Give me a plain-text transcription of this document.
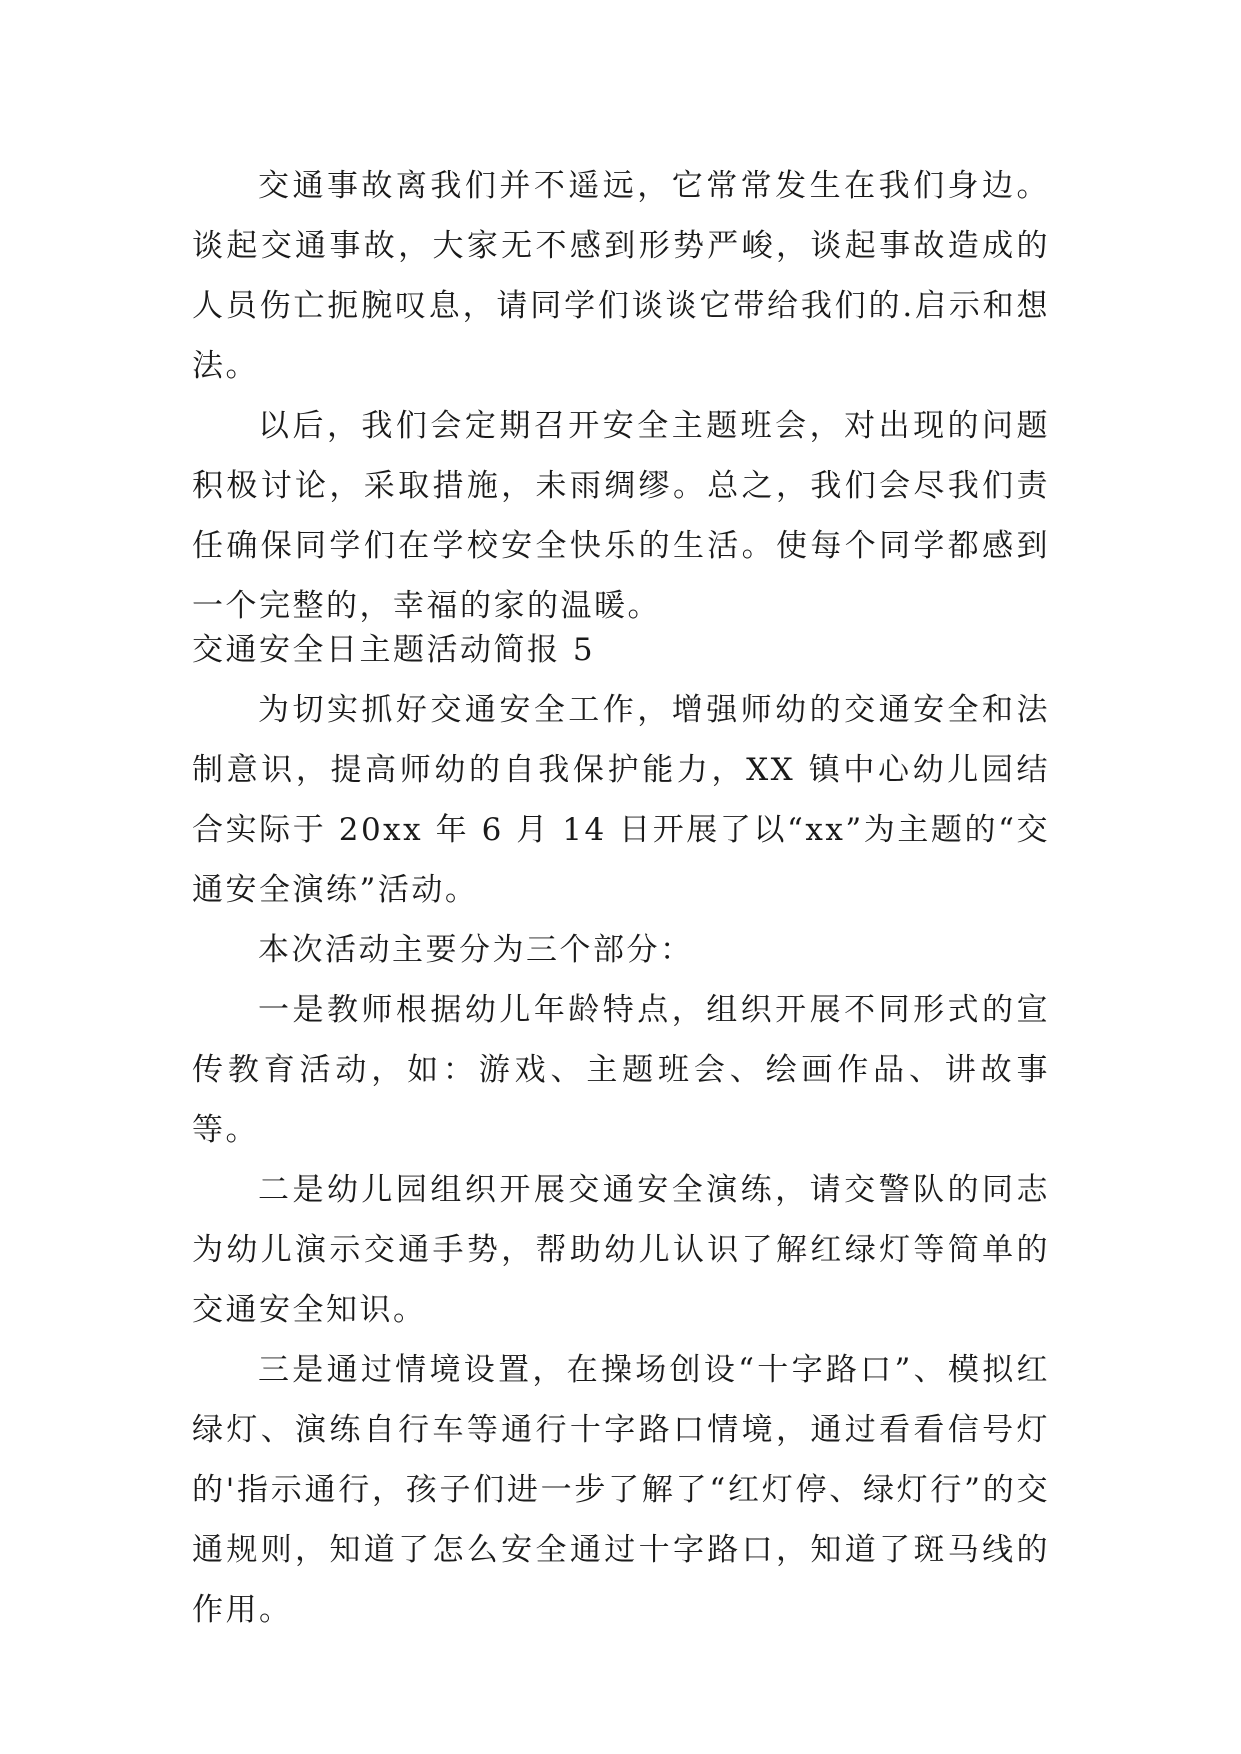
交通事故离我们并不遥远，它常常发生在我们身边。谈起交通事故，大家无不感到形势严峻，谈起事故造成的人员伤亡扼腕叹息，请同学们谈谈它带给我们的.启示和想法。

以后，我们会定期召开安全主题班会，对出现的问题积极讨论，采取措施，未雨绸缪。总之，我们会尽我们责任确保同学们在学校安全快乐的生活。使每个同学都感到一个完整的，幸福的家的温暖。

交通安全日主题活动简报 5

为切实抓好交通安全工作，增强师幼的交通安全和法制意识，提高师幼的自我保护能力，XX 镇中心幼儿园结合实际于 20xx 年 6 月 14 日开展了以“xx”为主题的“交通安全演练”活动。

本次活动主要分为三个部分：

一是教师根据幼儿年龄特点，组织开展不同形式的宣传教育活动，如：游戏、主题班会、绘画作品、讲故事等。

二是幼儿园组织开展交通安全演练，请交警队的同志为幼儿演示交通手势，帮助幼儿认识了解红绿灯等简单的交通安全知识。

三是通过情境设置，在操场创设“十字路口”、模拟红绿灯、演练自行车等通行十字路口情境，通过看看信号灯的'指示通行，孩子们进一步了解了“红灯停、绿灯行”的交通规则，知道了怎么安全通过十字路口，知道了斑马线的作用。
